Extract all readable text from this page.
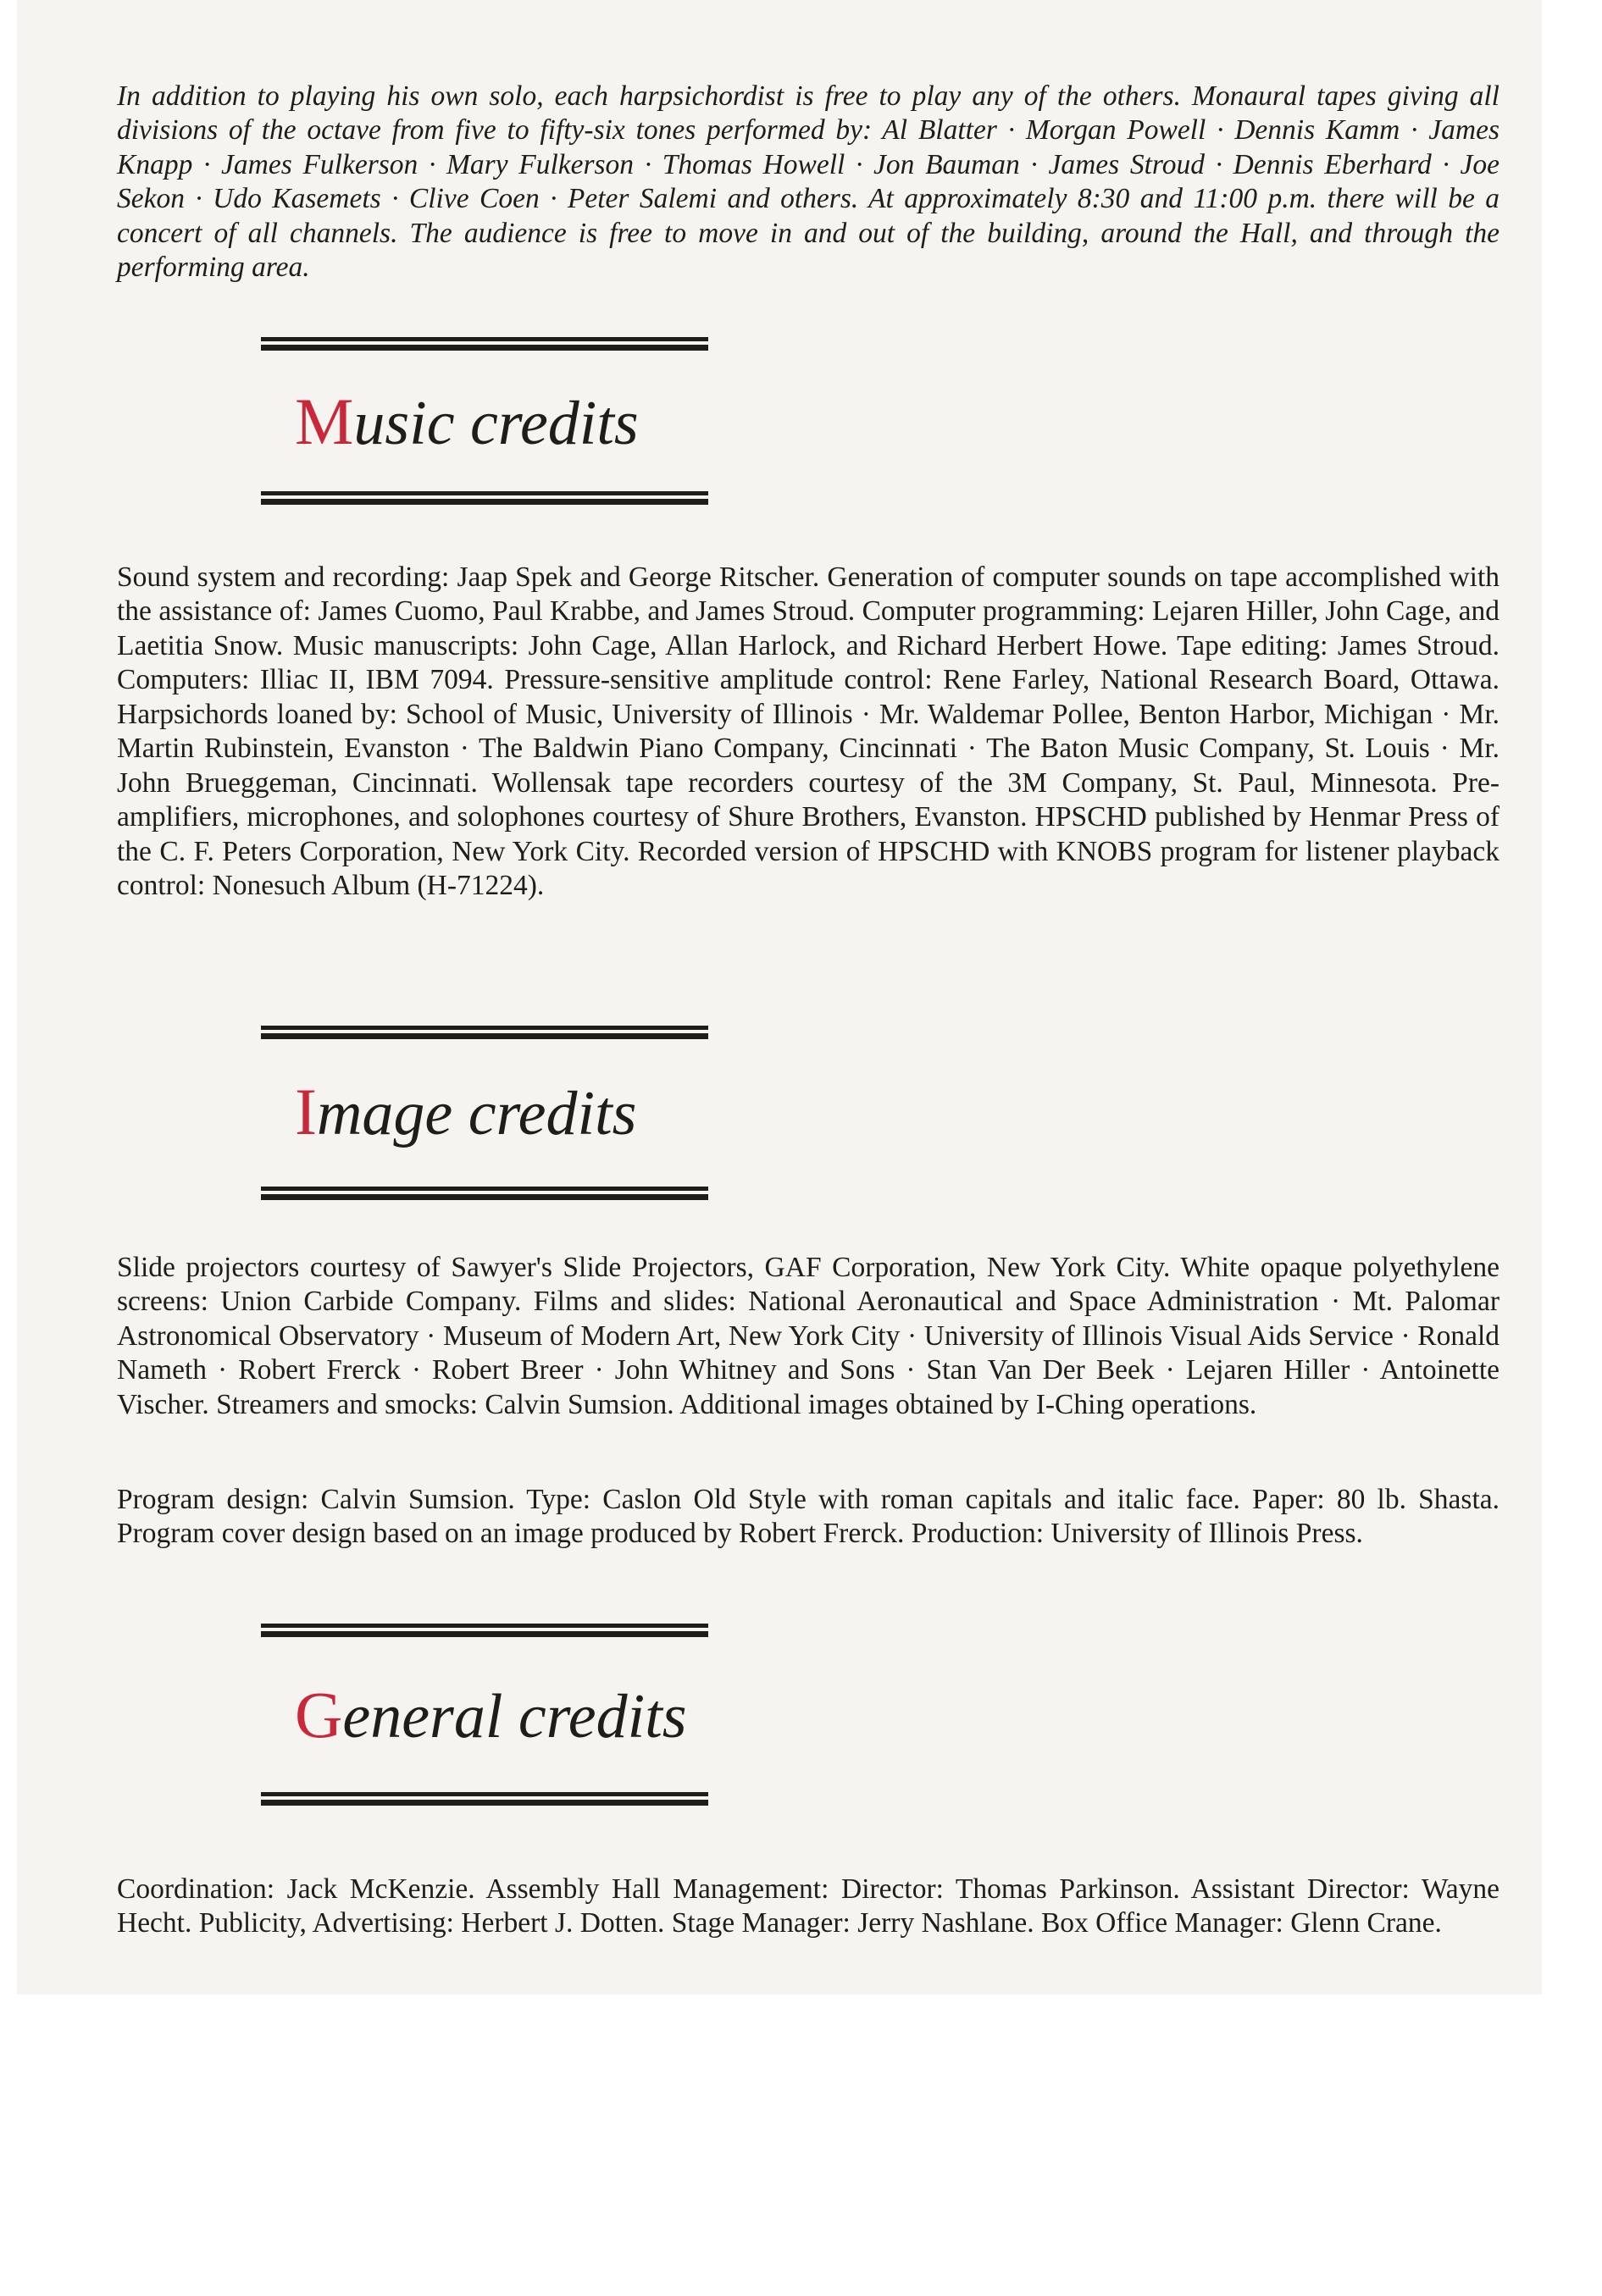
In addition to playing his own solo, each harpsichordist is free to play any of the others. Monaural tapes giving all divisions of the octave from five to fifty-six tones performed by: Al Blatter · Morgan Powell · Dennis Kamm · James Knapp · James Fulkerson · Mary Fulkerson · Thomas Howell · Jon Bauman · James Stroud · Dennis Eberhard · Joe Sekon · Udo Kasemets · Clive Coen · Peter Salemi and others. At approximately 8:30 and 11:00 p.m. there will be a concert of all channels. The audience is free to move in and out of the building, around the Hall, and through the performing area.

Music credits

Sound system and recording: Jaap Spek and George Ritscher. Generation of computer sounds on tape accomplished with the assistance of: James Cuomo, Paul Krabbe, and James Stroud. Computer programming: Lejaren Hiller, John Cage, and Laetitia Snow. Music manuscripts: John Cage, Allan Harlock, and Richard Herbert Howe. Tape editing: James Stroud. Computers: Illiac II, IBM 7094. Pressure-sensitive amplitude control: Rene Farley, National Research Board, Ottawa. Harpsichords loaned by: School of Music, University of Illinois · Mr. Waldemar Pollee, Benton Harbor, Michigan · Mr. Martin Rubinstein, Evanston · The Baldwin Piano Company, Cincinnati · The Baton Music Company, St. Louis · Mr. John Brueggeman, Cincinnati. Wollensak tape recorders courtesy of the 3M Company, St. Paul, Minnesota. Pre-amplifiers, microphones, and solophones courtesy of Shure Brothers, Evanston. HPSCHD published by Henmar Press of the C. F. Peters Corporation, New York City. Recorded version of HPSCHD with KNOBS program for listener playback control: Nonesuch Album (H-71224).

Image credits

Slide projectors courtesy of Sawyer's Slide Projectors, GAF Corporation, New York City. White opaque polyethylene screens: Union Carbide Company. Films and slides: National Aeronautical and Space Administration · Mt. Palomar Astronomical Observatory · Museum of Modern Art, New York City · University of Illinois Visual Aids Service · Ronald Nameth · Robert Frerck · Robert Breer · John Whitney and Sons · Stan Van Der Beek · Lejaren Hiller · Antoinette Vischer. Streamers and smocks: Calvin Sumsion. Additional images obtained by I-Ching operations.

Program design: Calvin Sumsion. Type: Caslon Old Style with roman capitals and italic face. Paper: 80 lb. Shasta. Program cover design based on an image produced by Robert Frerck. Production: University of Illinois Press.

General credits

Coordination: Jack McKenzie. Assembly Hall Management: Director: Thomas Parkinson. Assistant Director: Wayne Hecht. Publicity, Advertising: Herbert J. Dotten. Stage Manager: Jerry Nashlane. Box Office Manager: Glenn Crane.
